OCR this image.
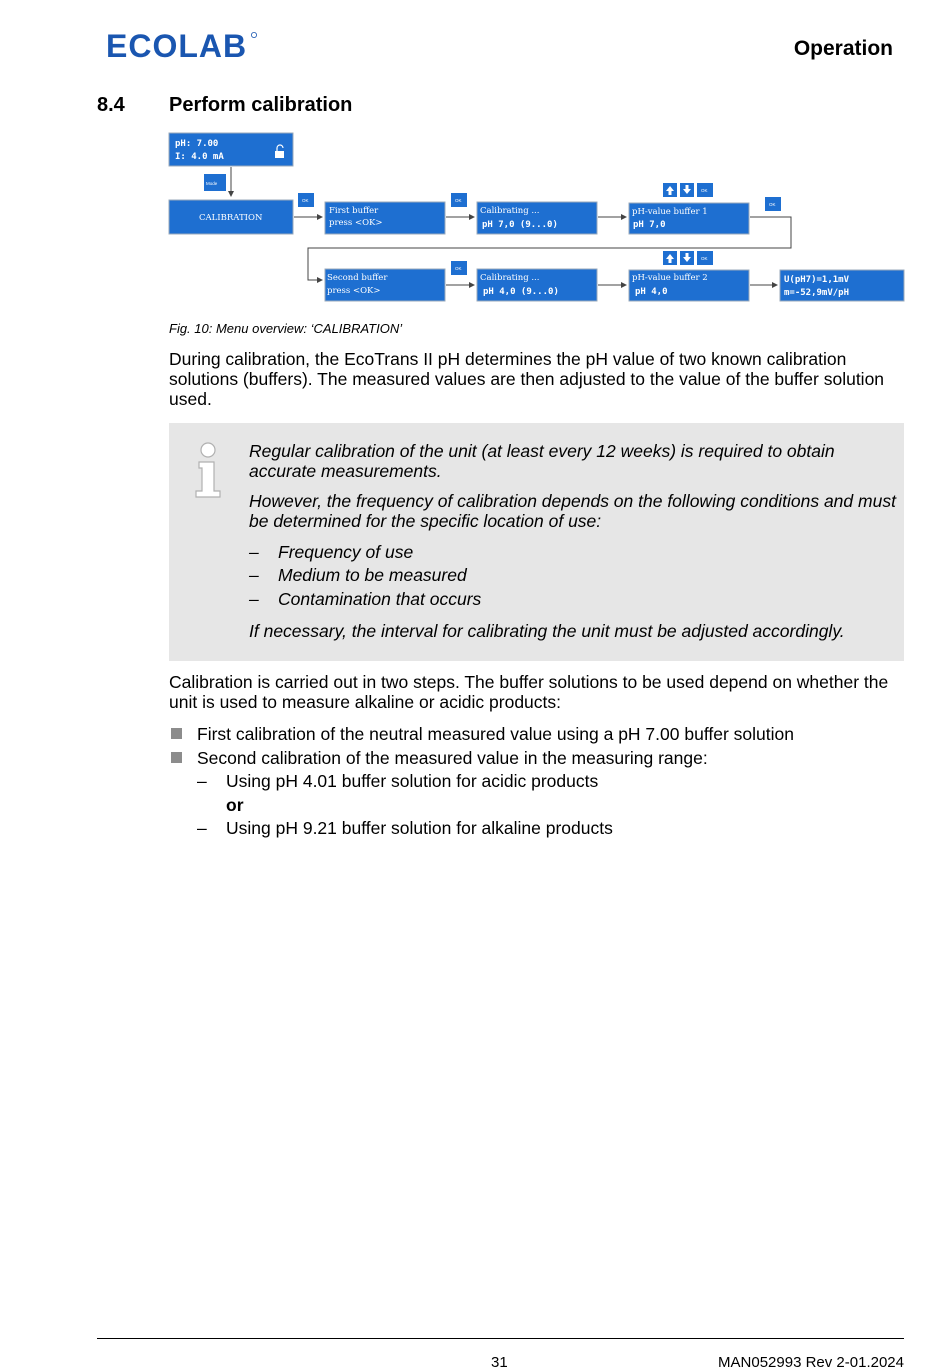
ECOLAB	Operation
8.4 Perform calibration
pH: 7.00
I: 4.0 mA
Mode
CALIBRATION
OK
First buffer
press <OK>
OK
Calibrating ...
pH 7,0 (9...0)
OK
pH-value buffer 1
pH 7,0
OK
Second buffer
press <OK>
OK
Calibrating ...
pH 4,0 (9...0)
OK
pH-value buffer 2
pH 4,0
U(pH7)=1,1mV
m=-52,9mV/pH
Fig. 10: Menu overview: ‘CALIBRATION’

During calibration, the EcoTrans II pH determines the pH value of two known calibration solutions (buffers). The measured values are then adjusted to the value of the buffer solution used.

Regular calibration of the unit (at least every 12 weeks) is required to obtain accurate measurements.

However, the frequency of calibration depends on the following conditions and must be determined for the specific location of use:

– Frequency of use
– Medium to be measured
– Contamination that occurs

If necessary, the interval for calibrating the unit must be adjusted accordingly.

Calibration is carried out in two steps. The buffer solutions to be used depend on whether the unit is used to measure alkaline or acidic products:

First calibration of the neutral measured value using a pH 7.00 buffer solution
Second calibration of the measured value in the measuring range:
– Using pH 4.01 buffer solution for acidic products
or
– Using pH 9.21 buffer solution for alkaline products
31	MAN052993 Rev 2-01.2024
